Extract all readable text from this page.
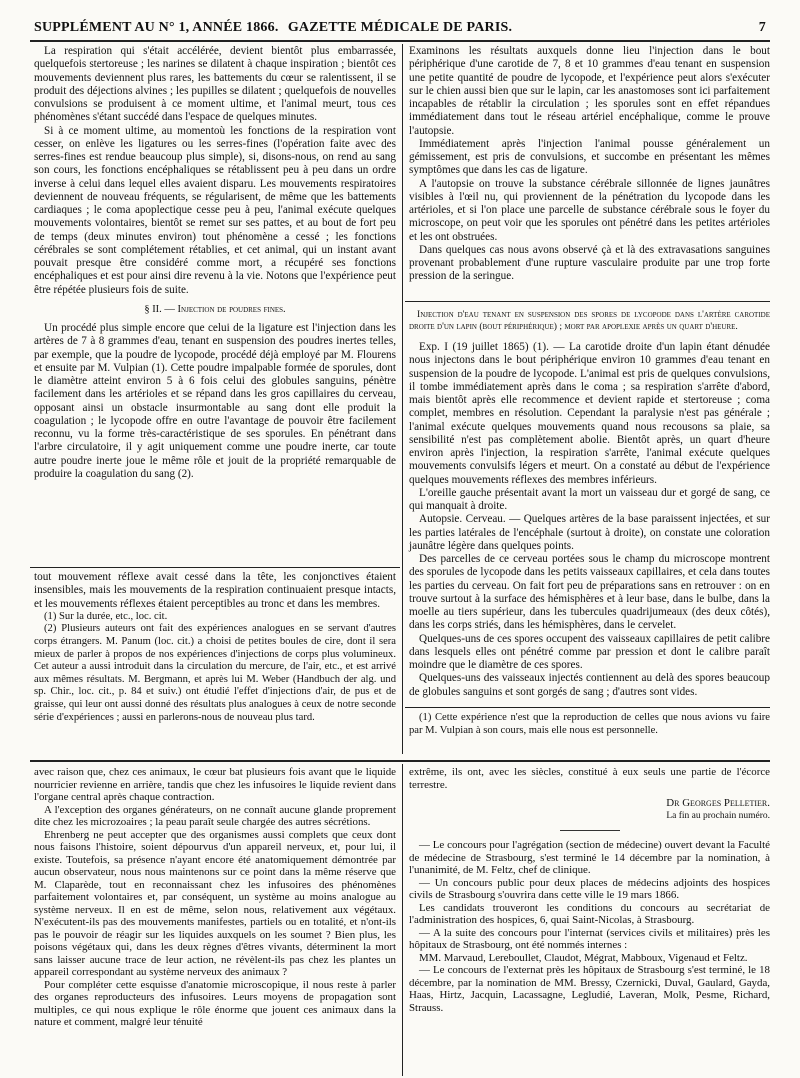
SUPPLÉMENT AU N° 1, ANNÉE 1866. GAZETTE MÉDICALE DE PARIS.	7

La respiration qui s'était accélérée, devient bientôt plus embarrassée, quelquefois stertoreuse ; les narines se dilatent à chaque inspiration ; bientôt ces mouvements deviennent plus rares, les battements du cœur se ralentissent, il se produit des déjections alvines ; les pupilles se dilatent ; quelquefois de nouvelles convulsions se produisent à ce moment ultime, et l'animal meurt, tous ces phénomènes s'étant succédé dans l'espace de quelques minutes.

Si à ce moment ultime, au momentoù les fonctions de la respiration vont cesser, on enlève les ligatures ou les serres-fines (l'opération faite avec des serres-fines est rendue beaucoup plus simple), si, disons-nous, on rend au sang son cours, les fonctions encéphaliques se rétablissent peu à peu dans un ordre inverse à celui dans lequel elles avaient disparu. Les mouvements respiratoires deviennent de nouveau fréquents, se régularisent, de même que les battements cardiaques ; le coma apoplectique cesse peu à peu, l'animal exécute quelques mouvements volontaires, bientôt se remet sur ses pattes, et au bout de fort peu de temps (deux minutes environ) tout phénomène a cessé ; les fonctions cérébrales se sont complétement rétablies, et cet animal, qui un instant avant pouvait presque être considéré comme mort, a récupéré ses fonctions encéphaliques et est pour ainsi dire revenu à la vie. Notons que l'expérience peut être répétée plusieurs fois de suite.

§ II. — Injection de poudres fines.

Un procédé plus simple encore que celui de la ligature est l'injection dans les artères de 7 à 8 grammes d'eau, tenant en suspension des poudres inertes telles, par exemple, que la poudre de lycopode, procédé déjà employé par M. Flourens et ensuite par M. Vulpian (1). Cette poudre impalpable formée de sporules, dont le diamètre atteint environ 5 à 6 fois celui des globules sanguins, pénètre facilement dans les artérioles et se répand dans les gros capillaires du cerveau, opposant ainsi un obstacle insurmontable au sang dont elle produit la coagulation ; le lycopode offre en outre l'avantage de pouvoir être facilement reconnu, vu la forme très-caractéristique de ses sporules. En pénétrant dans l'arbre circulatoire, il y agit uniquement comme une poudre inerte, car toute autre poudre inerte joue le même rôle et jouit de la propriété remarquable de produire la coagulation du sang (2).

tout mouvement réflexe avait cessé dans la tête, les conjonctives étaient insensibles, mais les mouvements de la respiration continuaient presque intacts, et les mouvements réflexes étaient perceptibles au tronc et dans les membres.

(1) Sur la durée, etc., loc. cit.

(2) Plusieurs auteurs ont fait des expériences analogues en se servant d'autres corps étrangers. M. Panum (loc. cit.) a choisi de petites boules de cire, dont il sera mieux de parler à propos de nos expériences d'injections de corps plus volumineux. Cet auteur a aussi introduit dans la circulation du mercure, de l'air, etc., et est arrivé aux mêmes résultats. M. Bergmann, et après lui M. Weber (Handbuch der alg. und sp. Chir., loc. cit., p. 84 et suiv.) ont étudié l'effet d'injections d'air, de pus et de graisse, qui leur ont aussi donné des résultats plus analogues à ceux de notre seconde série d'expériences ; aussi en parlerons-nous de nouveau plus tard.

Examinons les résultats auxquels donne lieu l'injection dans le bout périphérique d'une carotide de 7, 8 et 10 grammes d'eau tenant en suspension une petite quantité de poudre de lycopode, et l'expérience peut alors s'exécuter sur le chien aussi bien que sur le lapin, car les anastomoses sont ici parfaitement incapables de rétablir la circulation ; les sporules sont en effet répandues immédiatement dans tout le réseau artériel encéphalique, comme le prouve l'autopsie.

Immédiatement après l'injection l'animal pousse généralement un gémissement, est pris de convulsions, et succombe en présentant les mêmes symptômes que dans les cas de ligature.

A l'autopsie on trouve la substance cérébrale sillonnée de lignes jaunâtres visibles à l'œil nu, qui proviennent de la pénétration du lycopode dans les artérioles, et si l'on place une parcelle de substance cérébrale sous le foyer du microscope, on peut voir que les sporules ont pénétré dans les petites artérioles et les ont obstruées.

Dans quelques cas nous avons observé çà et là des extravasations sanguines provenant probablement d'une rupture vasculaire produite par une trop forte pression de la seringue.

Injection d'eau tenant en suspension des spores de lycopode dans l'artère carotide droite d'un lapin (bout périphérique) ; mort par apoplexie après un quart d'heure.

Exp. I (19 juillet 1865) (1). — La carotide droite d'un lapin étant dénudée nous injectons dans le bout périphérique environ 10 grammes d'eau tenant en suspension de la poudre de lycopode. L'animal est pris de quelques convulsions, il tombe immédiatement après dans le coma ; sa respiration s'arrête d'abord, mais bientôt après elle recommence et devient rapide et stertoreuse ; coma complet, membres en résolution. Cependant la paralysie n'est pas générale ; l'animal exécute quelques mouvements quand nous recousons sa plaie, sa sensibilité n'est pas complètement abolie. Bientôt après, un quart d'heure environ après l'injection, la respiration s'arrête, l'animal exécute quelques mouvements convulsifs légers et meurt. On a constaté au début de l'expérience quelques mouvements réflexes des membres inférieurs.

L'oreille gauche présentait avant la mort un vaisseau dur et gorgé de sang, ce qui manquait à droite.

Autopsie. Cerveau. — Quelques artères de la base paraissent injectées, et sur les parties latérales de l'encéphale (surtout à droite), on constate une coloration jaunâtre légère dans quelques points.

Des parcelles de ce cerveau portées sous le champ du microscope montrent des sporules de lycopode dans les petits vaisseaux capillaires, et cela dans toutes les parties du cerveau. On fait fort peu de préparations sans en retrouver : on en trouve surtout à la surface des hémisphères et à leur base, dans le bulbe, dans la moelle au tiers supérieur, dans les tubercules quadrijumeaux (des deux côtés), dans les corps striés, dans les hémisphères, dans le cervelet.

Quelques-uns de ces spores occupent des vaisseaux capillaires de petit calibre dans lesquels elles ont pénétré comme par pression et dont le calibre paraît moindre que le diamètre de ces spores.

Quelques-uns des vaisseaux injectés contiennent au delà des spores beaucoup de globules sanguins et sont gorgés de sang ; d'autres sont vides.

(1) Cette expérience n'est que la reproduction de celles que nous avions vu faire par M. Vulpian à son cours, mais elle nous est personnelle.

avec raison que, chez ces animaux, le cœur bat plusieurs fois avant que le liquide nourricier revienne en arrière, tandis que chez les infusoires le liquide revient dans l'organe central après chaque contraction.

A l'exception des organes générateurs, on ne connaît aucune glande proprement dite chez les microzoaires ; la peau paraît seule chargée des autres sécrétions.

Ehrenberg ne peut accepter que des organismes aussi complets que ceux dont nous faisons l'histoire, soient dépourvus d'un appareil nerveux, et, pour lui, il existe. Toutefois, sa présence n'ayant encore été anatomiquement démontrée par aucun observateur, nous nous maintenons sur ce point dans la même réserve que M. Claparède, tout en reconnaissant chez les infusoires des phénomènes parfaitement volontaires et, par conséquent, un système au moins analogue au système nerveux. Il en est de même, selon nous, relativement aux végétaux. N'exécutent-ils pas des mouvements manifestes, partiels ou en totalité, et n'ont-ils pas le pouvoir de réagir sur les liquides auxquels on les soumet ? Bien plus, les poisons végétaux qui, dans les deux règnes d'êtres vivants, déterminent la mort sans laisser aucune trace de leur action, ne révèlent-ils pas chez les plantes un appareil correspondant au système nerveux des animaux ?

Pour compléter cette esquisse d'anatomie microscopique, il nous reste à parler des organes reproducteurs des infusoires. Leurs moyens de propagation sont multiples, ce qui nous explique le rôle énorme que jouent ces animaux dans la nature et comment, malgré leur ténuité

extrême, ils ont, avec les siècles, constitué à eux seuls une partie de l'écorce terrestre.

Dr Georges Pelletier.
La fin au prochain numéro.

— Le concours pour l'agrégation (section de médecine) ouvert devant la Faculté de médecine de Strasbourg, s'est terminé le 14 décembre par la nomination, à l'unanimité, de M. Feltz, chef de clinique.

— Un concours public pour deux places de médecins adjoints des hospices civils de Strasbourg s'ouvrira dans cette ville le 19 mars 1866.

Les candidats trouveront les conditions du concours au secrétariat de l'administration des hospices, 6, quai Saint-Nicolas, à Strasbourg.

— A la suite des concours pour l'internat (services civils et militaires) près les hôpitaux de Strasbourg, ont été nommés internes :

MM. Marvaud, Lereboullet, Claudot, Mégrat, Mabboux, Vigenaud et Feltz.

— Le concours de l'externat près les hôpitaux de Strasbourg s'est terminé, le 18 décembre, par la nomination de MM. Bressy, Czernicki, Duval, Gaulard, Gayda, Haas, Hirtz, Jacquin, Lacassagne, Legludié, Laveran, Molk, Pesme, Richard, Strauss.
